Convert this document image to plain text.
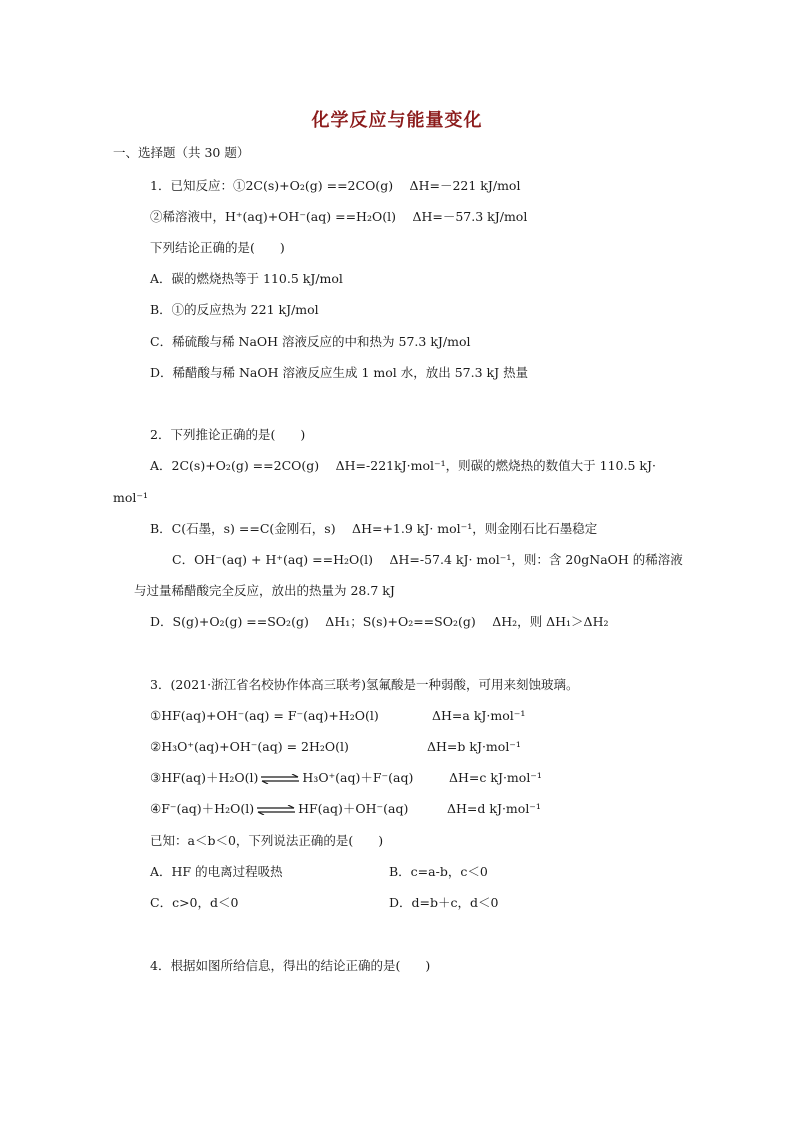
化学反应与能量变化
一、选择题（共 30 题）
1．已知反应：①2C(s)+O₂(g) ==2CO(g)　 ΔH=－221 kJ/mol
②稀溶液中，H⁺(aq)+OH⁻(aq) ==H₂O(l)　 ΔH=－57.3 kJ/mol
下列结论正确的是(　　)
A．碳的燃烧热等于 110.5 kJ/mol
B．①的反应热为 221 kJ/mol
C．稀硫酸与稀 NaOH 溶液反应的中和热为 57.3 kJ/mol
D．稀醋酸与稀 NaOH 溶液反应生成 1 mol 水，放出 57.3 kJ 热量
2．下列推论正确的是(　　)
A．2C(s)+O₂(g) ==2CO(g)　 ΔH=-221kJ·mol⁻¹，则碳的燃烧热的数值大于 110.5 kJ·
mol⁻¹
B．C(石墨，s) ==C(金刚石，s)　 ΔH=+1.9 kJ· mol⁻¹，则金刚石比石墨稳定
C．OH⁻(aq) + H⁺(aq) ==H₂O(l)　 ΔH=-57.4 kJ· mol⁻¹，则：含 20gNaOH 的稀溶液
与过量稀醋酸完全反应，放出的热量为 28.7 kJ
D．S(g)+O₂(g) ==SO₂(g)　 ΔH₁；S(s)+O₂==SO₂(g)　 ΔH₂，则 ΔH₁＞ΔH₂
3．(2021·浙江省名校协作体高三联考)氢氟酸是一种弱酸，可用来刻蚀玻璃。
①HF(aq)+OH⁻(aq) = F⁻(aq)+H₂O(l)	ΔH=a kJ·mol⁻¹
②H₃O⁺(aq)+OH⁻(aq) = 2H₂O(l)	ΔH=b kJ·mol⁻¹
③HF(aq)＋H₂O(l) ⇌ H₃O⁺(aq)＋F⁻(aq)	ΔH=c kJ·mol⁻¹
④F⁻(aq)＋H₂O(l) ⇌ HF(aq)＋OH⁻(aq)	ΔH=d kJ·mol⁻¹
已知：a＜b＜0，下列说法正确的是(　　)
A．HF 的电离过程吸热	B．c=a-b，c＜0
C．c>0，d＜0	D．d=b＋c，d＜0
4．根据如图所给信息，得出的结论正确的是(　　)
